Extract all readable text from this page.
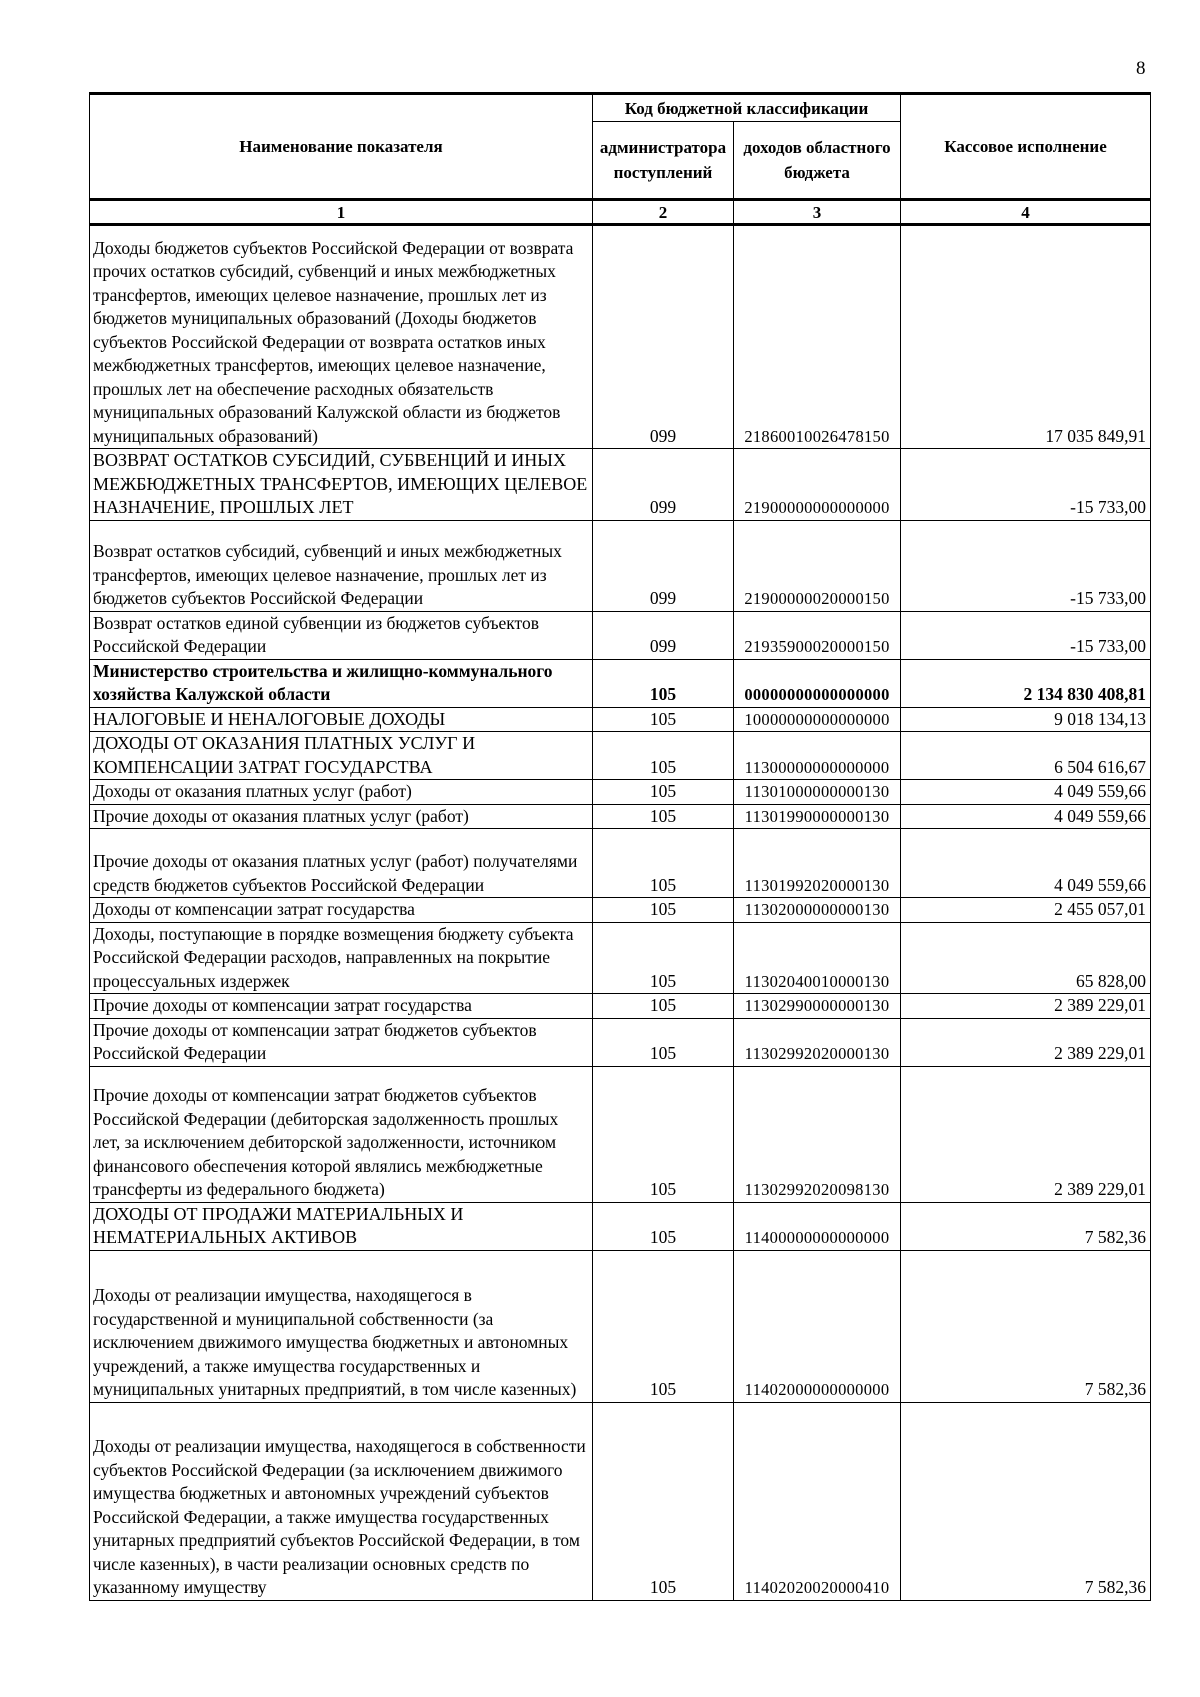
8
Наименование показателя	Код бюджетной классификации		Кассовое исполнение
	администратора поступлений	доходов областного бюджета	
1	2	3	4
Доходы бюджетов субъектов Российской Федерации от возврата прочих остатков субсидий, субвенций и иных межбюджетных трансфертов, имеющих целевое назначение, прошлых лет из бюджетов муниципальных образований (Доходы бюджетов субъектов Российской Федерации от возврата остатков иных межбюджетных трансфертов, имеющих целевое назначение, прошлых лет на обеспечение расходных обязательств муниципальных образований Калужской области из бюджетов муниципальных образований)	099	21860010026478150	17 035 849,91
ВОЗВРАТ ОСТАТКОВ СУБСИДИЙ, СУБВЕНЦИЙ И ИНЫХ МЕЖБЮДЖЕТНЫХ ТРАНСФЕРТОВ, ИМЕЮЩИХ ЦЕЛЕВОЕ НАЗНАЧЕНИЕ, ПРОШЛЫХ ЛЕТ	099	21900000000000000	-15 733,00
Возврат остатков субсидий, субвенций и иных межбюджетных трансфертов, имеющих целевое назначение, прошлых лет из бюджетов субъектов Российской Федерации	099	21900000020000150	-15 733,00
Возврат остатков единой субвенции из бюджетов субъектов Российской Федерации	099	21935900020000150	-15 733,00
Министерство строительства и жилищно-коммунального хозяйства Калужской области	105	00000000000000000	2 134 830 408,81
НАЛОГОВЫЕ И НЕНАЛОГОВЫЕ ДОХОДЫ	105	10000000000000000	9 018 134,13
ДОХОДЫ ОТ ОКАЗАНИЯ ПЛАТНЫХ УСЛУГ И КОМПЕНСАЦИИ ЗАТРАТ ГОСУДАРСТВА	105	11300000000000000	6 504 616,67
Доходы от оказания платных услуг (работ)	105	11301000000000130	4 049 559,66
Прочие доходы от оказания платных услуг (работ)	105	11301990000000130	4 049 559,66
Прочие доходы от оказания платных услуг (работ) получателями средств бюджетов субъектов Российской Федерации	105	11301992020000130	4 049 559,66
Доходы от компенсации затрат государства	105	11302000000000130	2 455 057,01
Доходы, поступающие в порядке возмещения бюджету субъекта Российской Федерации расходов, направленных на покрытие процессуальных издержек	105	11302040010000130	65 828,00
Прочие доходы от компенсации затрат государства	105	11302990000000130	2 389 229,01
Прочие доходы от компенсации затрат бюджетов субъектов Российской Федерации	105	11302992020000130	2 389 229,01
Прочие доходы от компенсации затрат бюджетов субъектов Российской Федерации (дебиторская задолженность прошлых лет, за исключением дебиторской задолженности, источником финансового обеспечения которой являлись межбюджетные трансферты из федерального бюджета)	105	11302992020098130	2 389 229,01
ДОХОДЫ ОТ ПРОДАЖИ МАТЕРИАЛЬНЫХ И НЕМАТЕРИАЛЬНЫХ АКТИВОВ	105	11400000000000000	7 582,36
Доходы от реализации имущества, находящегося в государственной и муниципальной собственности (за исключением движимого имущества бюджетных и автономных учреждений, а также имущества государственных и муниципальных унитарных предприятий, в том числе казенных)	105	11402000000000000	7 582,36
Доходы от реализации имущества, находящегося в собственности субъектов Российской Федерации (за исключением движимого имущества бюджетных и автономных учреждений субъектов Российской Федерации, а также имущества государственных унитарных предприятий субъектов Российской Федерации, в том числе казенных), в части реализации основных средств по указанному имуществу	105	11402020020000410	7 582,36
